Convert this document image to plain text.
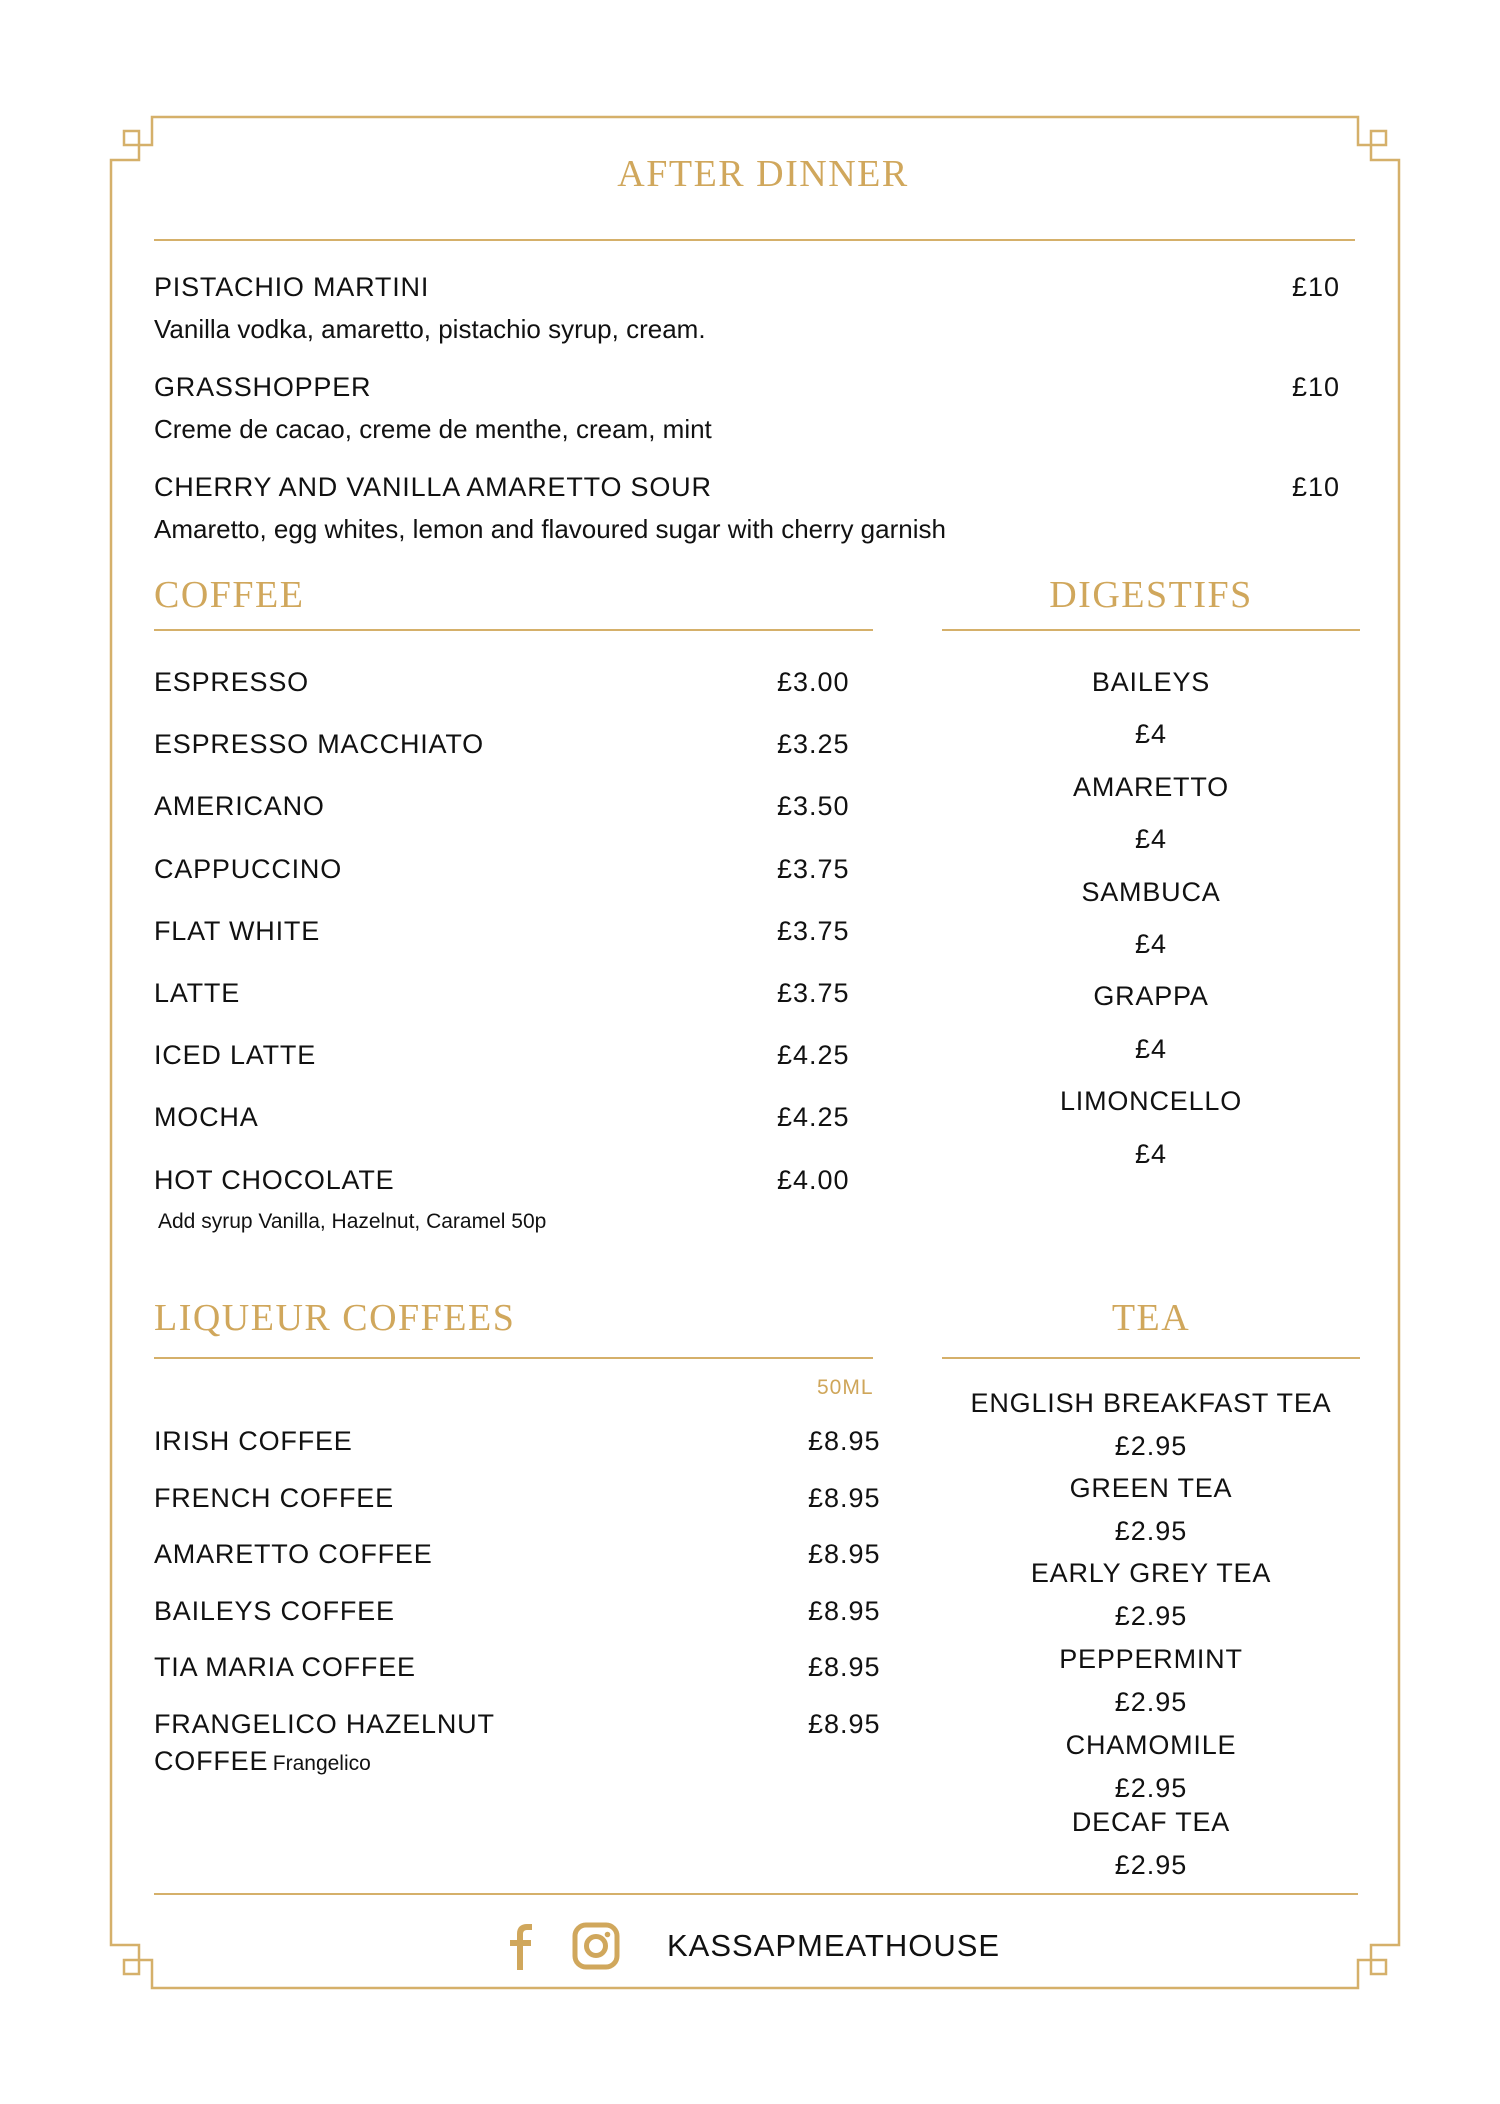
AFTER DINNER
PISTACHIO MARTINI
Vanilla vodka, amaretto, pistachio syrup, cream.
£10
GRASSHOPPER
Creme de cacao, creme de menthe, cream, mint
£10
CHERRY AND VANILLA AMARETTO SOUR
Amaretto, egg whites, lemon and flavoured sugar with cherry garnish
£10
COFFEE	DIGESTIFS
ESPRESSO	£3.00
ESPRESSO MACCHIATO	£3.25
AMERICANO	£3.50
CAPPUCCINO	£3.75
FLAT WHITE	£3.75
LATTE	£3.75
ICED LATTE	£4.25
MOCHA	£4.25
HOT CHOCOLATE	£4.00
Add syrup Vanilla, Hazelnut, Caramel 50p
BAILEYS
£4
AMARETTO
£4
SAMBUCA
£4
GRAPPA
£4
LIMONCELLO
£4
LIQUEUR COFFEES	TEA
50ML
IRISH COFFEE	£8.95
FRENCH COFFEE	£8.95
AMARETTO COFFEE	£8.95
BAILEYS COFFEE	£8.95
TIA MARIA COFFEE	£8.95
FRANGELICO HAZELNUT	£8.95
COFFEE Frangelico
ENGLISH BREAKFAST TEA
£2.95
GREEN TEA
£2.95
EARLY GREY TEA
£2.95
PEPPERMINT
£2.95
CHAMOMILE
£2.95
DECAF TEA
£2.95
KASSAPMEATHOUSE
